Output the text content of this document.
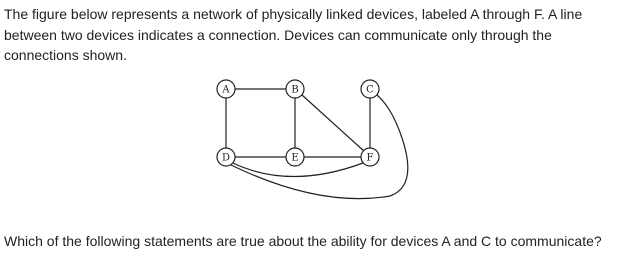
The figure below represents a network of physically linked devices, labeled A through F. A line between two devices indicates a connection. Devices can communicate only through the connections shown.

A	B	C
D	E	F

Which of the following statements are true about the ability for devices A and C to communicate?
